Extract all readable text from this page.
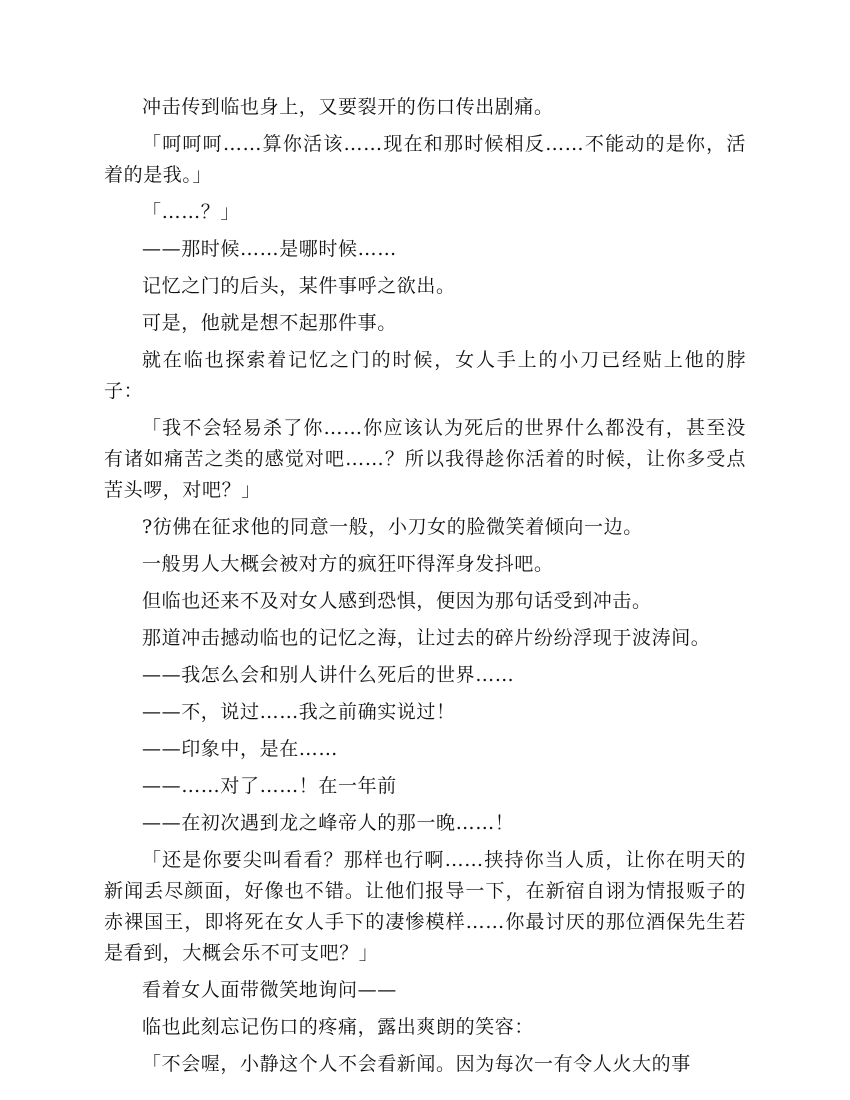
冲击传到临也身上，又要裂开的伤口传出剧痛。

「呵呵呵……算你活该……现在和那时候相反……不能动的是你，活着的是我。」

「……？」

——那时候……是哪时候……

记忆之门的后头，某件事呼之欲出。

可是，他就是想不起那件事。

就在临也探索着记忆之门的时候，女人手上的小刀已经贴上他的脖子：

「我不会轻易杀了你……你应该认为死后的世界什么都没有，甚至没有诸如痛苦之类的感觉对吧……？所以我得趁你活着的时候，让你多受点苦头啰，对吧？」

?彷佛在征求他的同意一般，小刀女的脸微笑着倾向一边。

一般男人大概会被对方的疯狂吓得浑身发抖吧。

但临也还来不及对女人感到恐惧，便因为那句话受到冲击。

那道冲击撼动临也的记忆之海，让过去的碎片纷纷浮现于波涛间。

——我怎么会和别人讲什么死后的世界……

——不，说过……我之前确实说过！

——印象中，是在……

——……对了……！在一年前

——在初次遇到龙之峰帝人的那一晚……！

「还是你要尖叫看看？那样也行啊……挟持你当人质，让你在明天的新闻丢尽颜面，好像也不错。让他们报导一下，在新宿自诩为情报贩子的赤裸国王，即将死在女人手下的凄惨模样……你最讨厌的那位酒保先生若是看到，大概会乐不可支吧？」

看着女人面带微笑地询问——

临也此刻忘记伤口的疼痛，露出爽朗的笑容：

「不会喔，小静这个人不会看新闻。因为每次一有令人火大的事
